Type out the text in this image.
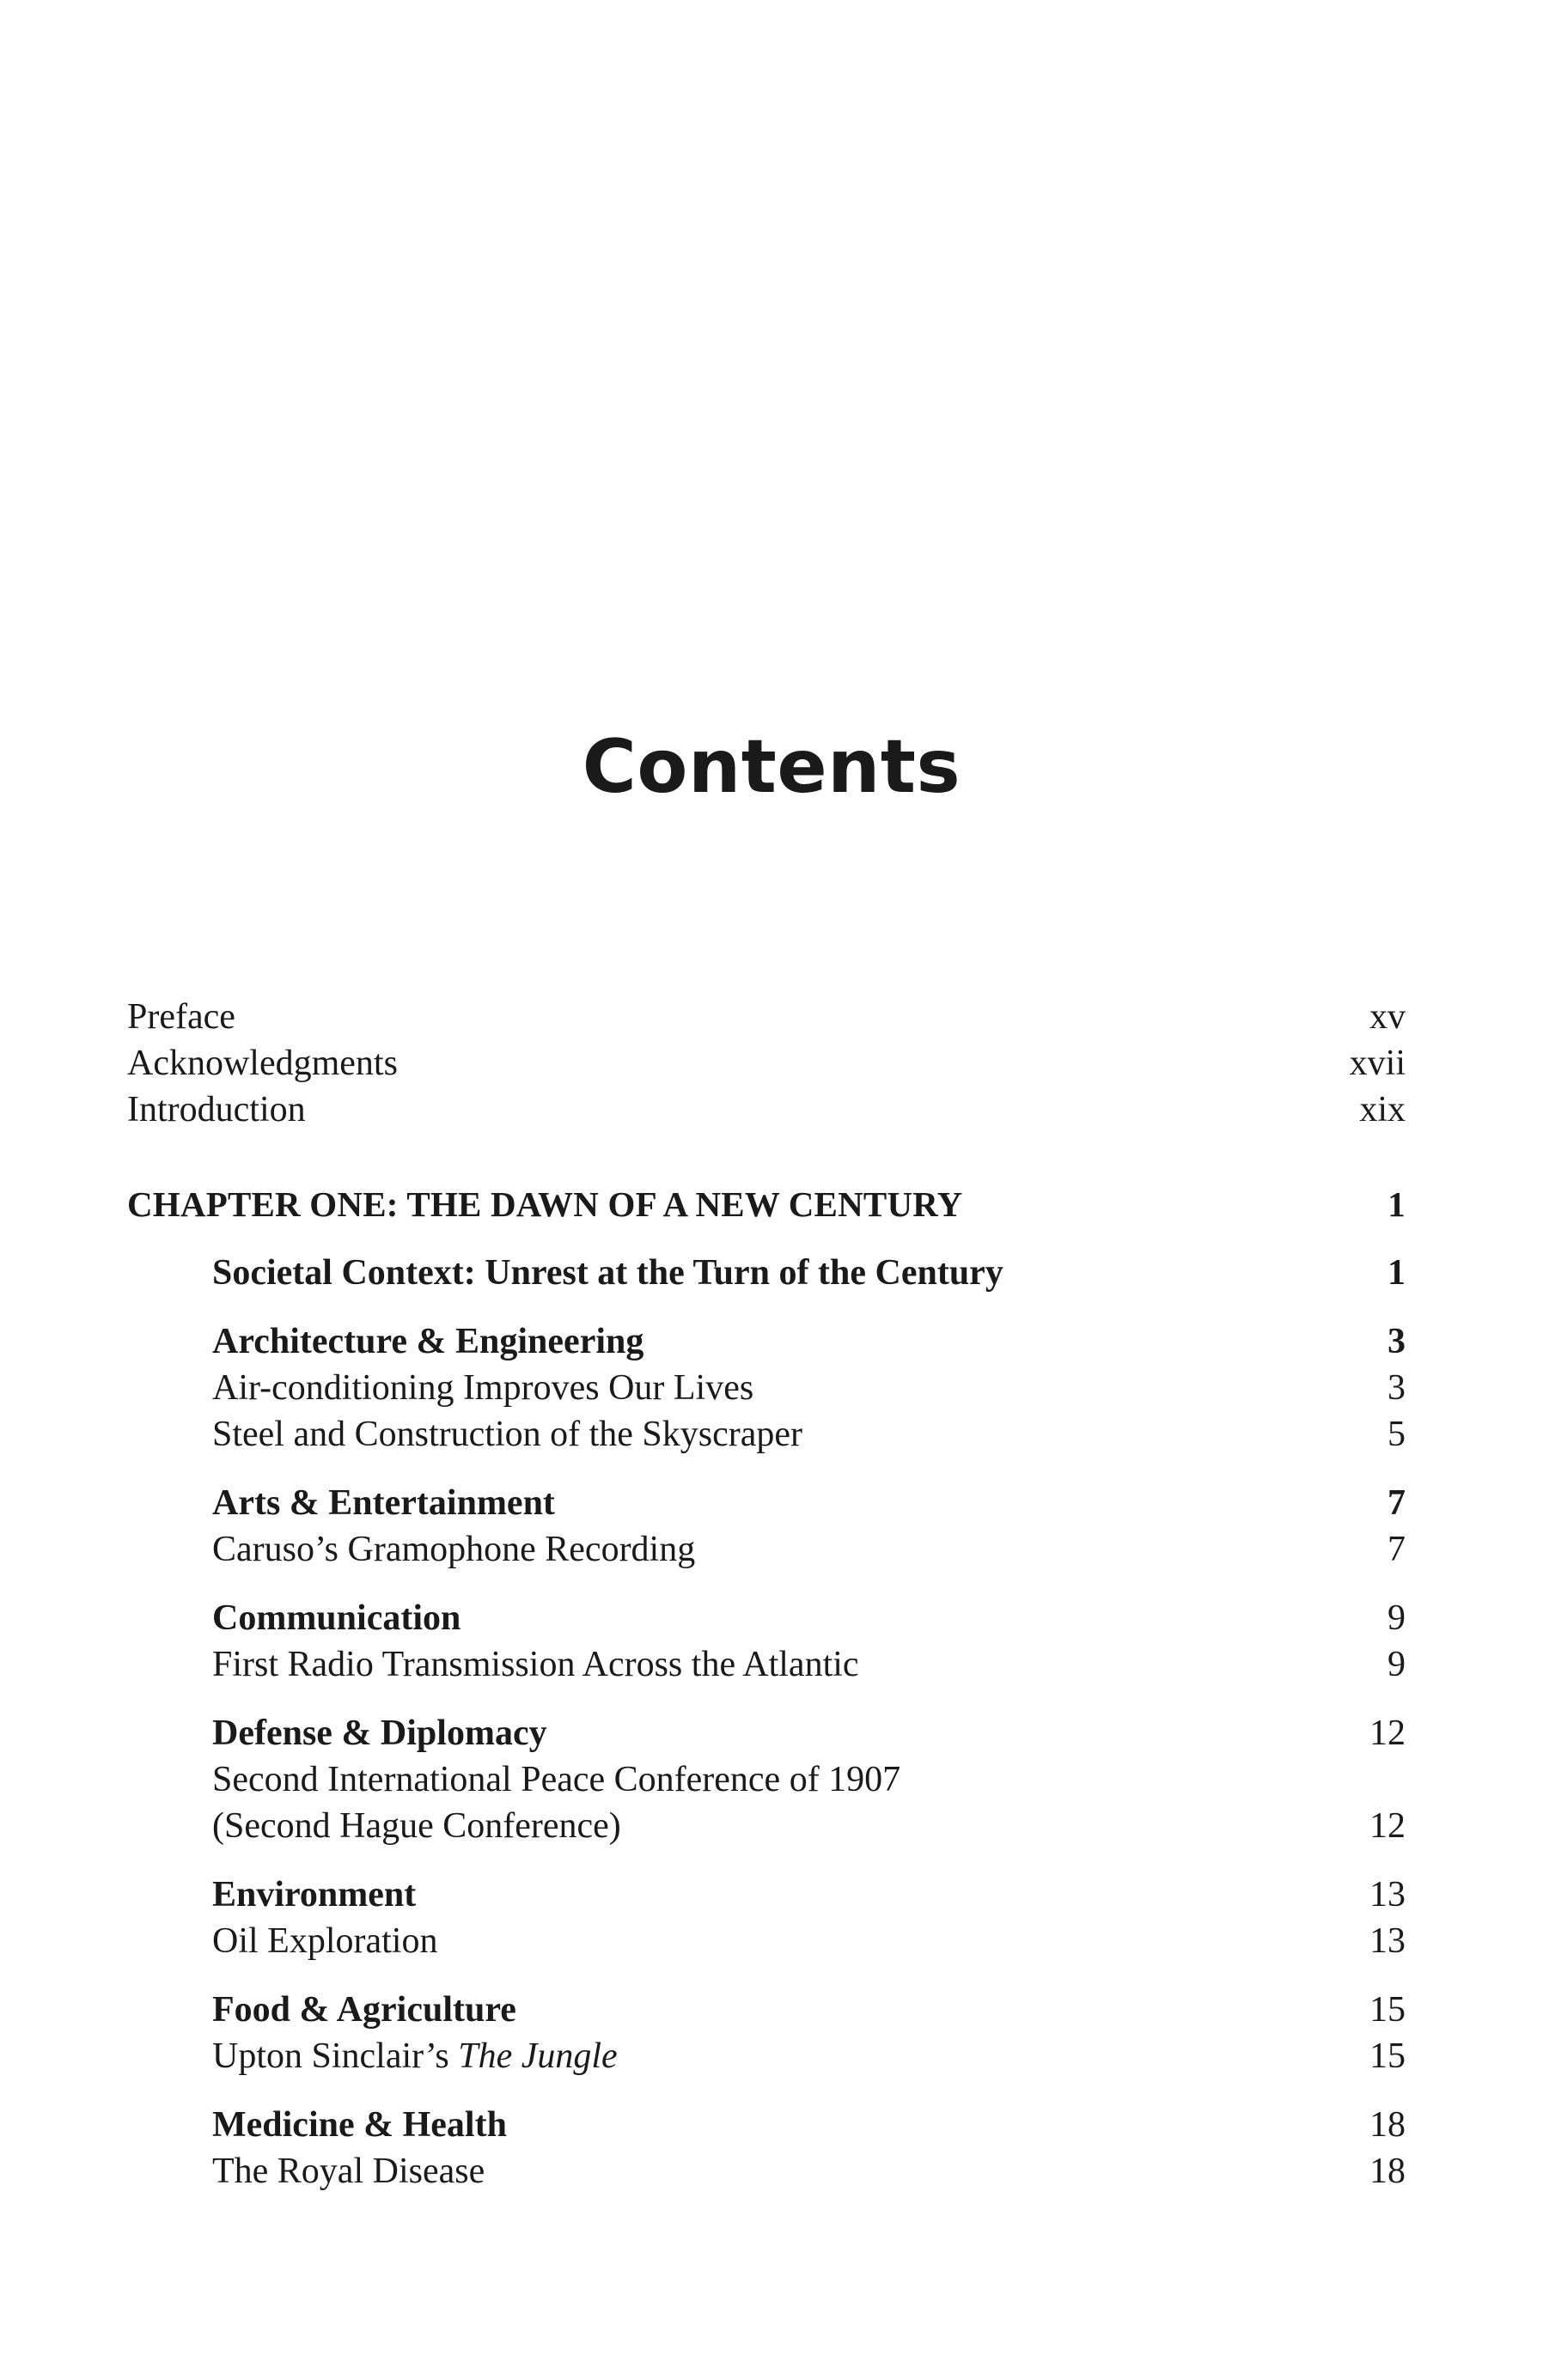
Contents
Preface	xv
Acknowledgments	xvii
Introduction	xix
CHAPTER ONE: THE DAWN OF A NEW CENTURY	1
Societal Context: Unrest at the Turn of the Century	1
Architecture & Engineering	3
Air-conditioning Improves Our Lives	3
Steel and Construction of the Skyscraper	5
Arts & Entertainment	7
Caruso’s Gramophone Recording	7
Communication	9
First Radio Transmission Across the Atlantic	9
Defense & Diplomacy	12
Second International Peace Conference of 1907
(Second Hague Conference)	12
Environment	13
Oil Exploration	13
Food & Agriculture	15
Upton Sinclair’s The Jungle	15
Medicine & Health	18
The Royal Disease	18
